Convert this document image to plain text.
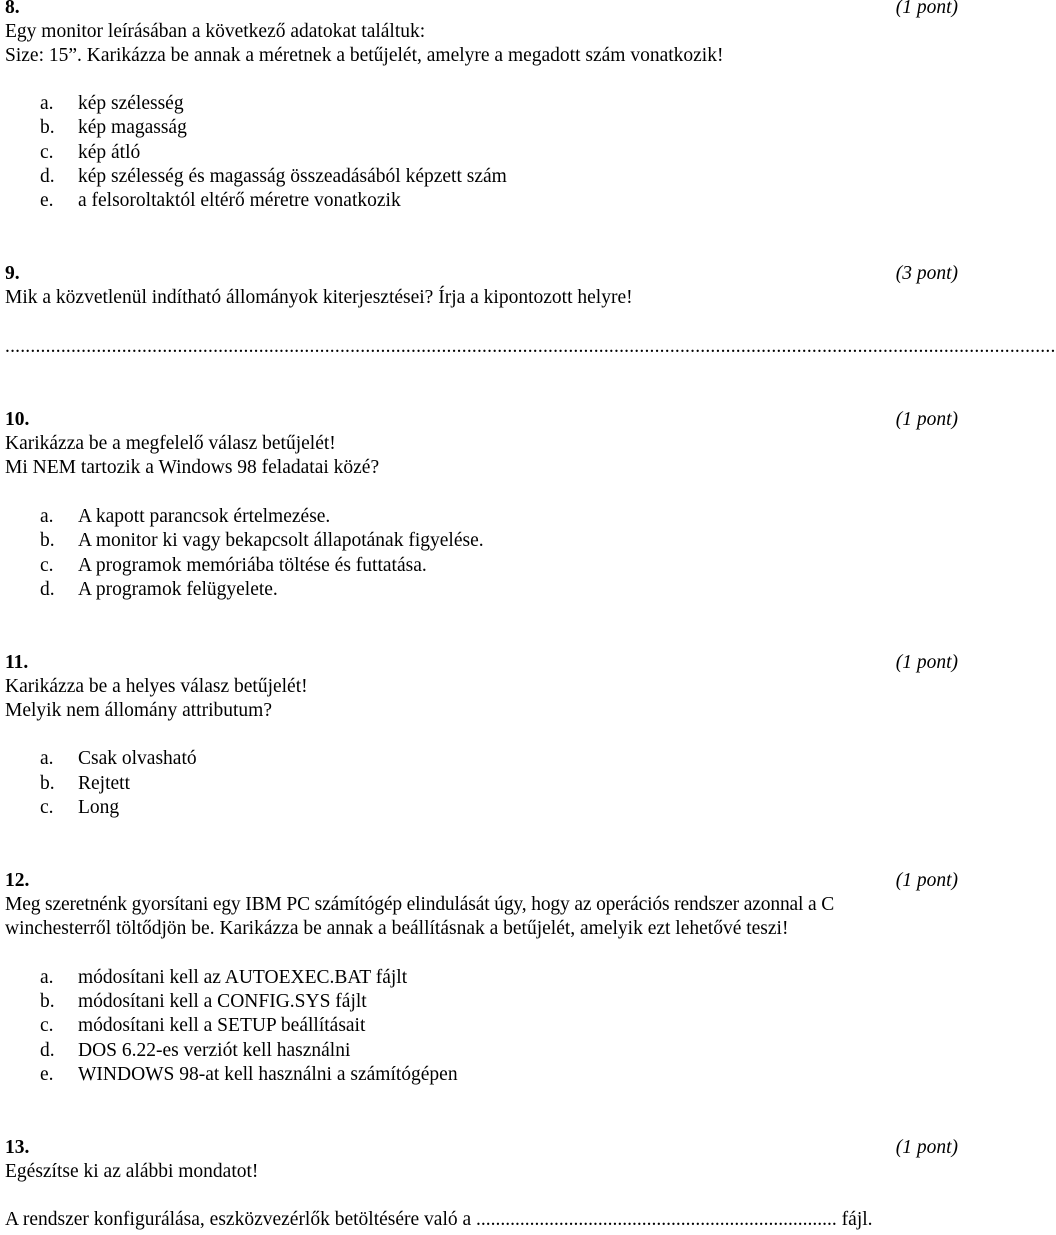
8.	(1 pont)
Egy monitor leírásában a következő adatokat találtuk:
Size: 15”. Karikázza be annak a méretnek a betűjelét, amelyre a megadott szám vonatkozik!
a. kép szélesség
b. kép magasság
c. kép átló
d. kép szélesség és magasság összeadásából képzett szám
e. a felsoroltaktól eltérő méretre vonatkozik
9.	(3 pont)
Mik a közvetlenül indítható állományok kiterjesztései? Írja a kipontozott helyre!
...............................................................................................................................................................................................................
10.	(1 pont)
Karikázza be a megfelelő válasz betűjelét!
Mi NEM tartozik a Windows 98 feladatai közé?
a. A kapott parancsok értelmezése.
b. A monitor ki vagy bekapcsolt állapotának figyelése.
c. A programok memóriába töltése és futtatása.
d. A programok felügyelete.
11.	(1 pont)
Karikázza be a helyes válasz betűjelét!
Melyik nem állomány attributum?
a. Csak olvasható
b. Rejtett
c. Long
12.	(1 pont)
Meg szeretnénk gyorsítani egy IBM PC számítógép elindulását úgy, hogy az operációs rendszer azonnal a C
winchesterről töltődjön be. Karikázza be annak a beállításnak a betűjelét, amelyik ezt lehetővé teszi!
a. módosítani kell az AUTOEXEC.BAT fájlt
b. módosítani kell a CONFIG.SYS fájlt
c. módosítani kell a SETUP beállításait
d. DOS 6.22-es verziót kell használni
e. WINDOWS 98-at kell használni a számítógépen
13.	(1 pont)
Egészítse ki az alábbi mondatot!
A rendszer konfigurálása, eszközvezérlők betöltésére való a .......................................................................... fájl.
